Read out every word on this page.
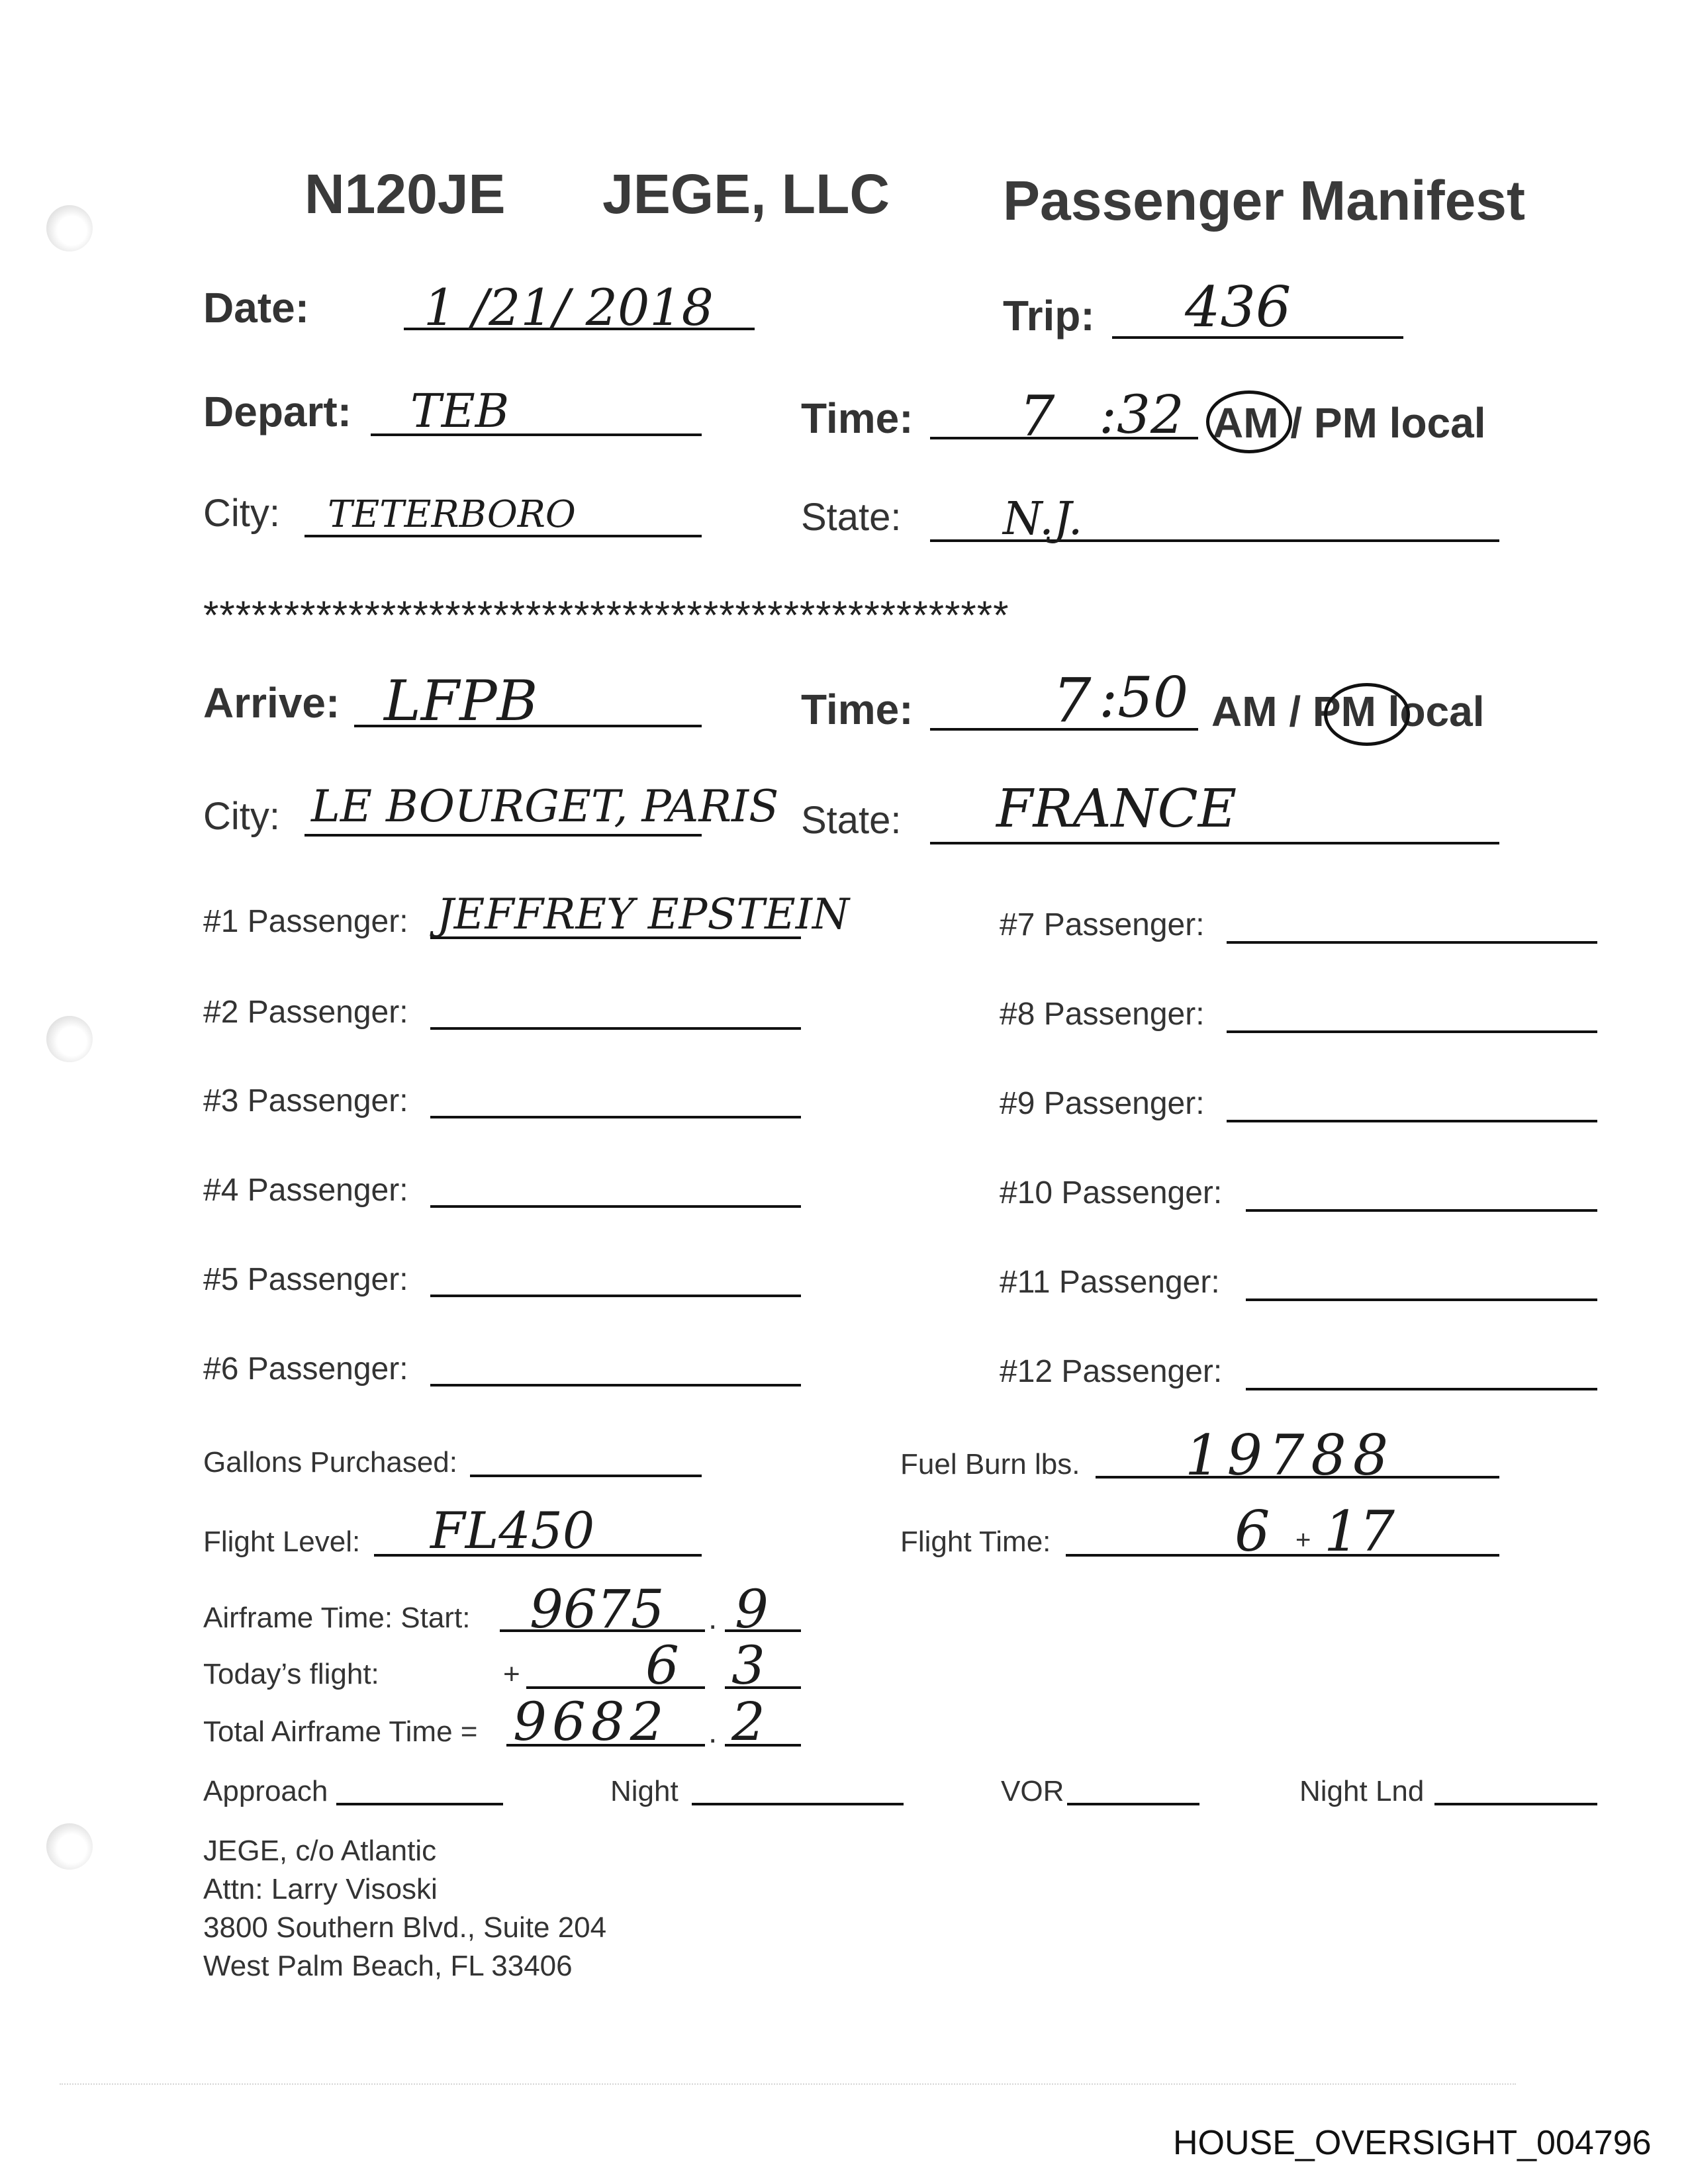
N120JE JEGE, LLC Passenger Manifest
Date: 1 /21/ 2018	Trip: 436
Depart: TEB	Time: 7 :32 AM / PM local
City: TETERBORO	State: N.J.
**************************************************
Arrive: LFPB	Time: 7 :50 AM / PM local
City: LE BOURGET, PARIS State: FRANCE
#1 Passenger: JEFFREY EPSTEIN
#2 Passenger:
#3 Passenger:
#4 Passenger:
#5 Passenger:
#6 Passenger:
#7 Passenger:
#8 Passenger:
#9 Passenger:
#10 Passenger:
#11 Passenger:
#12 Passenger:
Gallons Purchased:	Fuel Burn lbs. 19788
Flight Level: FL450	Flight Time:	6 + 17
Airframe Time: Start: 9675 . 9
Today’s flight:	+ 6 3
Total Airframe Time = 9682 . 2
Approach	Night	VOR	Night Lnd
JEGE, c/o Atlantic
Attn: Larry Visoski
3800 Southern Blvd., Suite 204
West Palm Beach, FL 33406
HOUSE_OVERSIGHT_004796
